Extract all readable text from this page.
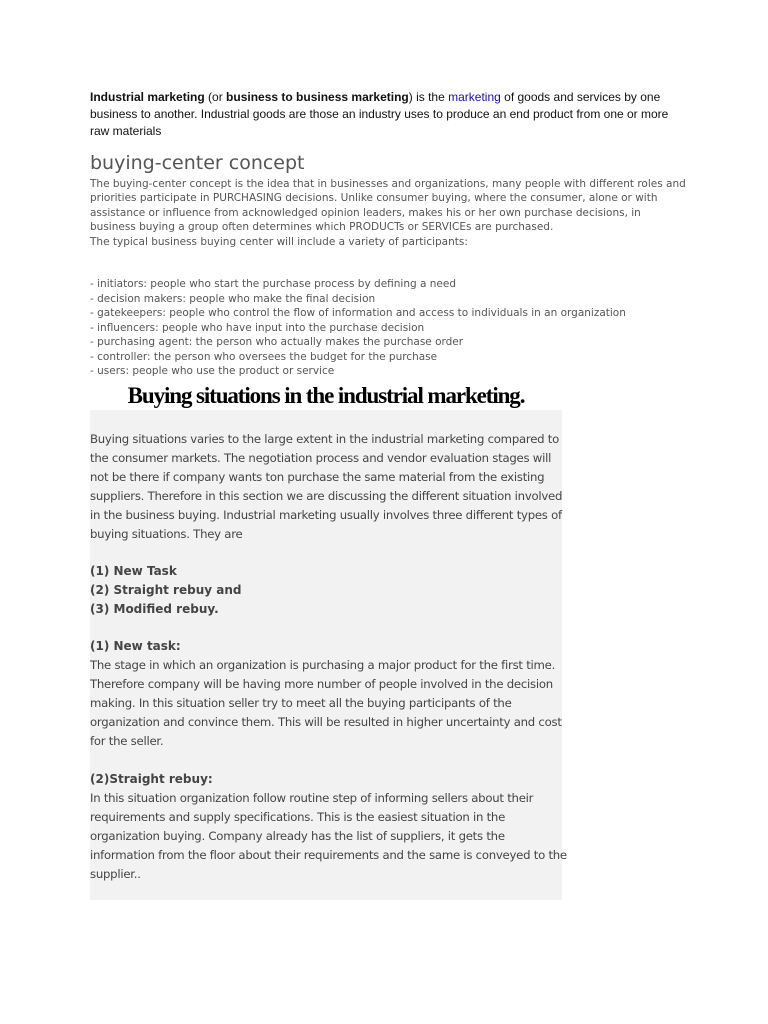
Industrial marketing (or business to business marketing) is the marketing of goods and services by one business to another. Industrial goods are those an industry uses to produce an end product from one or more raw materials

buying-center concept
The buying-center concept is the idea that in businesses and organizations, many people with different roles and priorities participate in PURCHASING decisions. Unlike consumer buying, where the consumer, alone or with assistance or influence from acknowledged opinion leaders, makes his or her own purchase decisions, in business buying a group often determines which PRODUCTs or SERVICEs are purchased.
The typical business buying center will include a variety of participants:
- initiators: people who start the purchase process by defining a need
- decision makers: people who make the final decision
- gatekeepers: people who control the flow of information and access to individuals in an organization
- influencers: people who have input into the purchase decision
- purchasing agent: the person who actually makes the purchase order
- controller: the person who oversees the budget for the purchase
- users: people who use the product or service
Buying situations in the industrial marketing.

Buying situations varies to the large extent in the industrial marketing compared to the consumer markets. The negotiation process and vendor evaluation stages will not be there if company wants ton purchase the same material from the existing suppliers. Therefore in this section we are discussing the different situation involved in the business buying. Industrial marketing usually involves three different types of buying situations. They are

(1) New Task
(2) Straight rebuy and
(3) Modified rebuy.

(1) New task:

The stage in which an organization is purchasing a major product for the first time. Therefore company will be having more number of people involved in the decision making. In this situation seller try to meet all the buying participants of the organization and convince them. This will be resulted in higher uncertainty and cost for the seller.

(2)Straight rebuy:

In this situation organization follow routine step of informing sellers about their requirements and supply specifications. This is the easiest situation in the organization buying. Company already has the list of suppliers, it gets the information from the floor about their requirements and the same is conveyed to the supplier..
